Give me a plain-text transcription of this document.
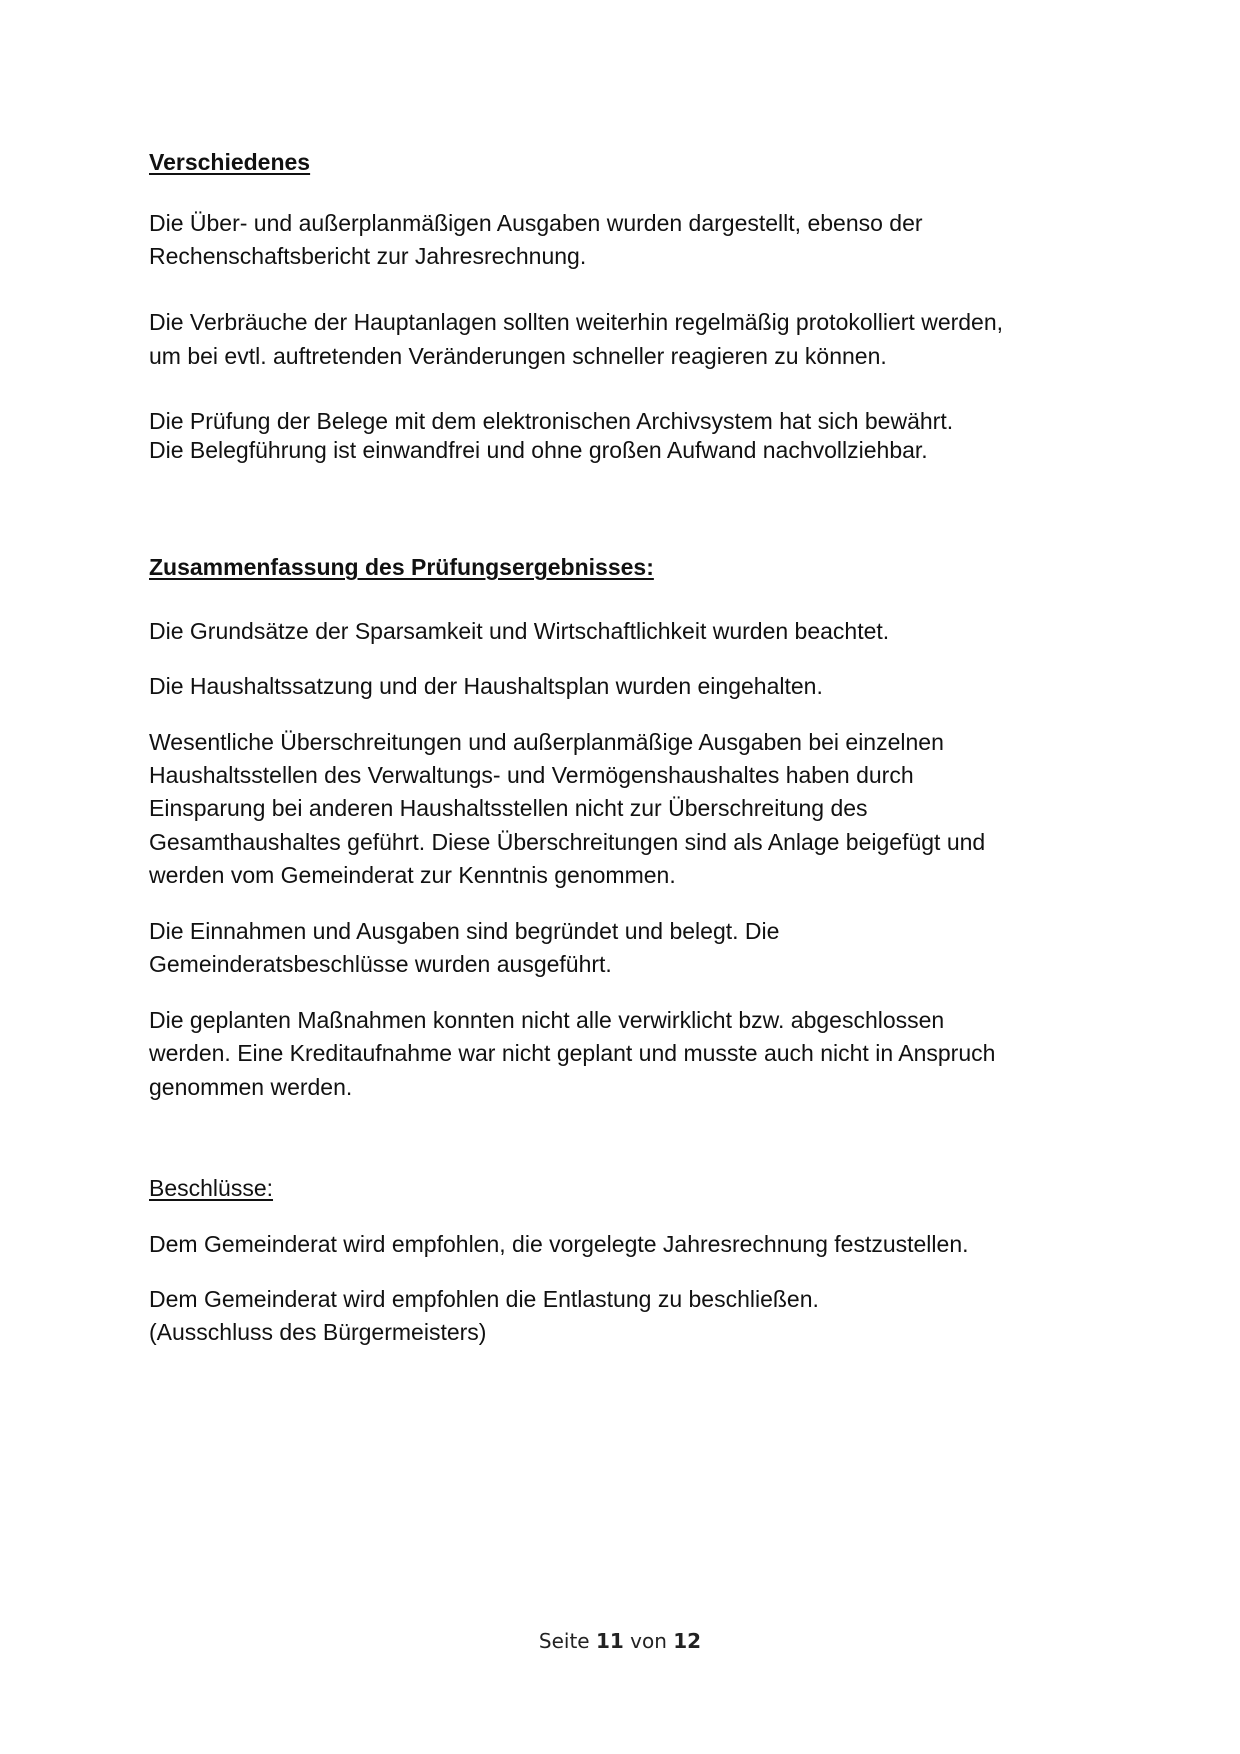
Verschiedenes

Die Über- und außerplanmäßigen Ausgaben wurden dargestellt, ebenso der

Rechenschaftsbericht zur Jahresrechnung.

Die Verbräuche der Hauptanlagen sollten weiterhin regelmäßig protokolliert werden,

um bei evtl. auftretenden Veränderungen schneller reagieren zu können.

Die Prüfung der Belege mit dem elektronischen Archivsystem hat sich bewährt.

Die Belegführung ist einwandfrei und ohne großen Aufwand nachvollziehbar.

Zusammenfassung des Prüfungsergebnisses:

Die Grundsätze der Sparsamkeit und Wirtschaftlichkeit wurden beachtet.

Die Haushaltssatzung und der Haushaltsplan wurden eingehalten.

Wesentliche Überschreitungen und außerplanmäßige Ausgaben bei einzelnen

Haushaltsstellen des Verwaltungs- und Vermögenshaushaltes haben durch

Einsparung bei anderen Haushaltsstellen nicht zur Überschreitung des

Gesamthaushaltes geführt. Diese Überschreitungen sind als Anlage beigefügt und

werden vom Gemeinderat zur Kenntnis genommen.

Die Einnahmen und Ausgaben sind begründet und belegt. Die

Gemeinderatsbeschlüsse wurden ausgeführt.

Die geplanten Maßnahmen konnten nicht alle verwirklicht bzw. abgeschlossen

werden. Eine Kreditaufnahme war nicht geplant und musste auch nicht in Anspruch

genommen werden.

Beschlüsse:

Dem Gemeinderat wird empfohlen, die vorgelegte Jahresrechnung festzustellen.

Dem Gemeinderat wird empfohlen die Entlastung zu beschließen.

(Ausschluss des Bürgermeisters)

Seite 11 von 12
